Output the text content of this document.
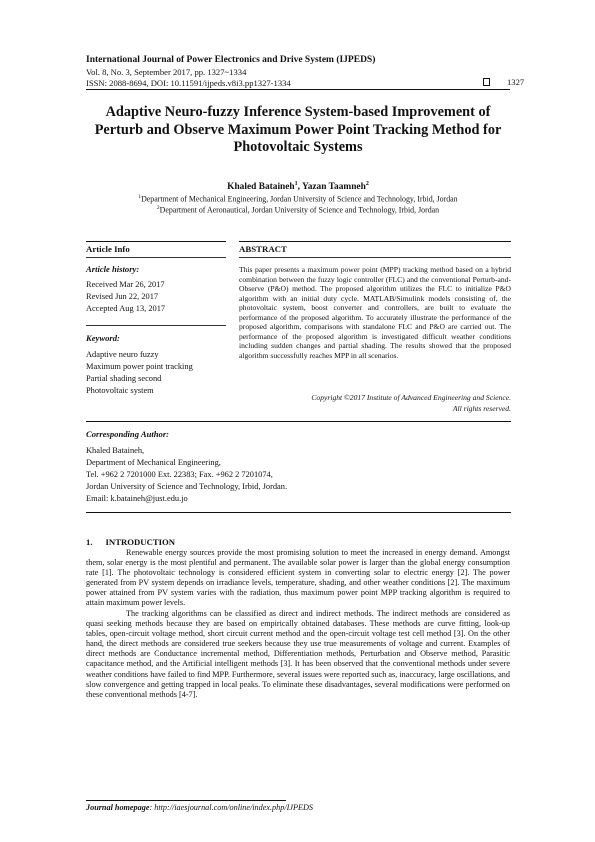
International Journal of Power Electronics and Drive System (IJPEDS)
Vol. 8, No. 3, September 2017, pp. 1327~1334
ISSN: 2088-8694, DOI: 10.11591/ijpeds.v8i3.pp1327-1334	1327
Adaptive Neuro-fuzzy Inference System-based Improvement of Perturb and Observe Maximum Power Point Tracking Method for Photovoltaic Systems
Khaled Bataineh$^1$, Yazan Taamneh$^2$
$^1$Department of Mechanical Engineering, Jordan University of Science and Technology, Irbid, Jordan
$^2$Department of Aeronautical, Jordan University of Science and Technology, Irbid, Jordan
Article Info	ABSTRACT
Article history:
Received Mar 26, 2017
Revised Jun 22, 2017
Accepted Aug 13, 2017
Keyword:
Adaptive neuro fuzzy
Maximum power point tracking
Partial shading second
Photovoltaic system
This paper presents a maximum power point (MPP) tracking method based on a hybrid combination between the fuzzy logic controller (FLC) and the conventional Perturb-and-Observe (P&O) method. The proposed algorithm utilizes the FLC to initialize P&O algorithm with an initial duty cycle. MATLAB/Simulink models consisting of, the photovoltaic system, boost converter and controllers, are built to evaluate the performance of the proposed algorithm. To accurately illustrate the performance of the proposed algorithm, comparisons with standalone FLC and P&O are carried out. The performance of the proposed algorithm is investigated difficult weather conditions including sudden changes and partial shading. The results showed that the proposed algorithm successfully reaches MPP in all scenarios.
Copyright ©2017 Institute of Advanced Engineering and Science.
All rights reserved.
Corresponding Author:
Khaled Bataineh,
Department of Mechanical Engineering,
Tel. +962 2 7201000 Ext. 22383; Fax. +962 2 7201074,
Jordan University of Science and Technology, Irbid, Jordan.
Email: k.bataineh@just.edu.jo
1.      INTRODUCTION
Renewable energy sources provide the most promising solution to meet the increased in energy demand. Amongst them, solar energy is the most plentiful and permanent. The available solar power is larger than the global energy consumption rate [1]. The photovoltaic technology is considered efficient system in converting solar to electric energy [2]. The power generated from PV system depends on irradiance levels, temperature, shading, and other weather conditions [2]. The maximum power attained from PV system varies with the radiation, thus maximum power point MPP tracking algorithm is required to attain maximum power levels.
The tracking algorithms can be classified as direct and indirect methods. The indirect methods are considered as quasi seeking methods because they are based on empirically obtained databases. These methods are curve fitting, look-up tables, open-circuit voltage method, short circuit current method and the open-circuit voltage test cell method [3]. On the other hand, the direct methods are considered true seekers because they use true measurements of voltage and current. Examples of direct methods are Conductance incremental method, Differentiation methods, Perturbation and Observe method, Parasitic capacitance method, and the Artificial intelligent methods [3]. It has been observed that the conventional methods under severe weather conditions have failed to find MPP. Furthermore, several issues were reported such as, inaccuracy, large oscillations, and slow convergence and getting trapped in local peaks. To eliminate these disadvantages, several modifications were performed on these conventional methods [4-7].
Journal homepage: http://iaesjournal.com/online/index.php/IJPEDS
